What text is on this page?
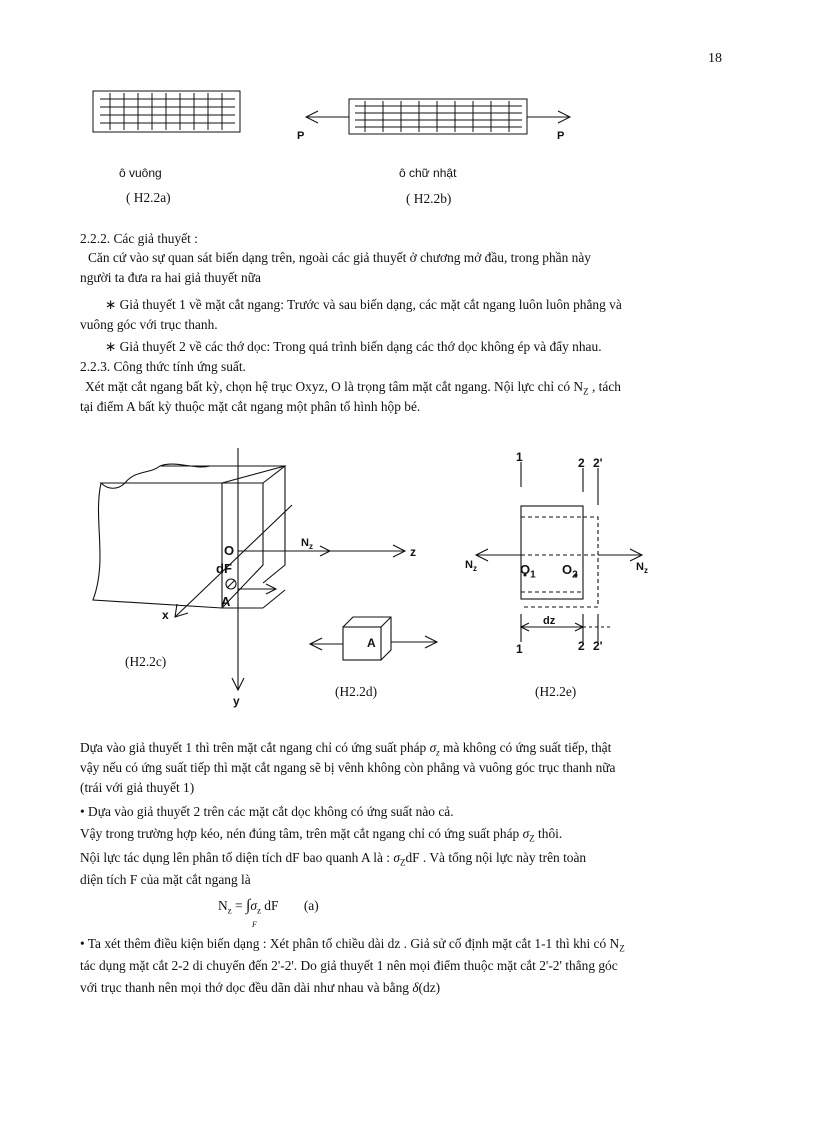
18
P	P
ô vuông
( H2.2a)
ô chữ nhật
( H2.2b)
2.2.2. Các giả thuyết :
Căn cứ vào sự quan sát biến dạng trên, ngoài các giả thuyết ở chương mở đầu, trong phần này
người ta đưa ra hai giả thuyết nữa
∗ Giả thuyết 1 về mặt cắt ngang: Trước và sau biến dạng, các mặt cắt ngang luôn luôn phẳng và
vuông góc với trục thanh.
∗ Giả thuyết 2 về các thớ dọc: Trong quá trình biến dạng các thớ dọc không ép và đẩy nhau.
2.2.3. Công thức tính ứng suất.
Xét mặt cắt ngang bất kỳ, chọn hệ trục Oxyz, O là trọng tâm mặt cắt ngang. Nội lực chỉ có $N_Z$ , tách
tại điểm A bất kỳ thuộc mặt cắt ngang một phân tố hình hộp bé.
O
dF
A
x
y
$N_z$	z
(H2.2c)
A
(H2.2d)
1	2 2'
$N_z$	$N_z$
$O_1$ $O_2$
dz
1	2 2'
(H2.2e)
Dựa vào giả thuyết 1 thì trên mặt cắt ngang chỉ có ứng suất pháp $\sigma_z$ mà không có ứng suất tiếp, thật
vậy nếu có ứng suất tiếp thì mặt cắt ngang sẽ bị vênh không còn phẳng và vuông góc trục thanh nữa
(trái với giả thuyết 1)
• Dựa vào giả thuyết 2 trên các mặt cắt dọc không có ứng suất nào cả.
Vậy trong trường hợp kéo, nén đúng tâm, trên mặt cắt ngang chỉ có ứng suất pháp $\sigma_Z$ thôi.
Nội lực tác dụng lên phân tố diện tích dF bao quanh A là : $\sigma_ZdF$ . Và tổng nội lực này trên toàn
diện tích F của mặt cắt ngang là
$N_z = \int\sigma_z$ dF (a)
F
• Ta xét thêm điều kiện biến dạng : Xét phân tố chiều dài dz . Giả sử cố định mặt cắt 1-1 thì khi có $N_Z$
tác dụng mặt cắt 2-2 di chuyển đến 2'-2'. Do giả thuyết 1 nên mọi điểm thuộc mặt cắt 2'-2' thẳng góc
với trục thanh nên mọi thớ dọc đều dãn dài như nhau và bằng δ(dz)
